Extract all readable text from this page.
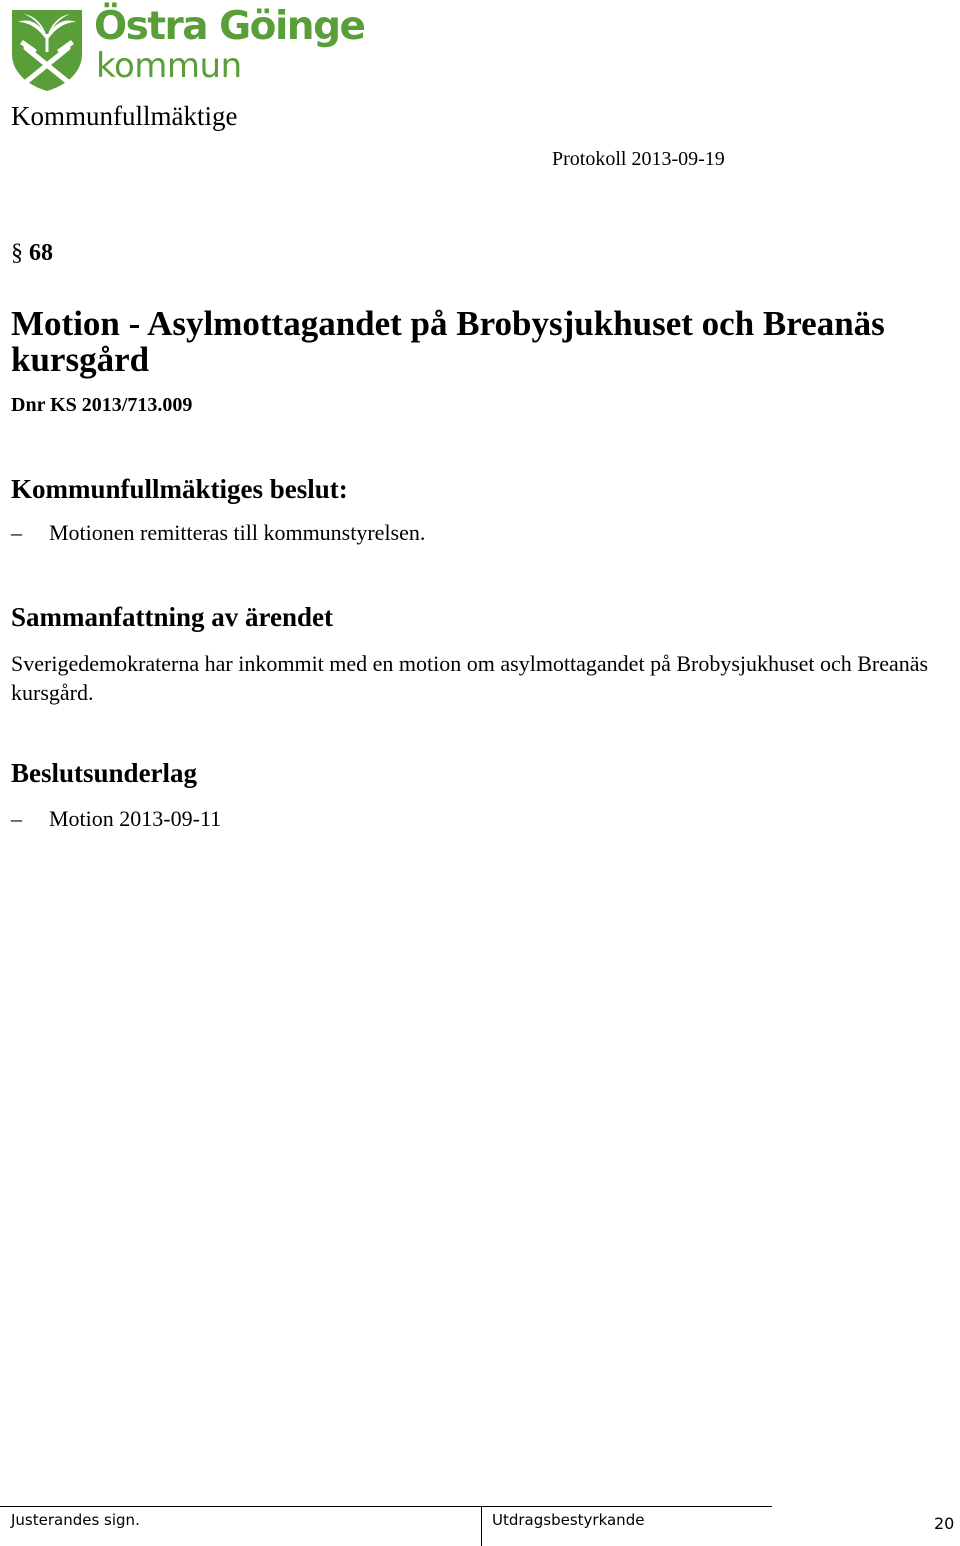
Östra Göinge
kommun
Kommunfullmäktige
Protokoll 2013-09-19
§ 68
Motion - Asylmottagandet på Brobysjukhuset och Breanäs kursgård
Dnr KS 2013/713.009
Kommunfullmäktiges beslut:
– Motionen remitteras till kommunstyrelsen.
Sammanfattning av ärendet
Sverigedemokraterna har inkommit med en motion om asylmottagandet på Brobysjukhuset och Breanäs kursgård.
Beslutsunderlag
– Motion 2013-09-11
Justerandes sign.	Utdragsbestyrkande	20
